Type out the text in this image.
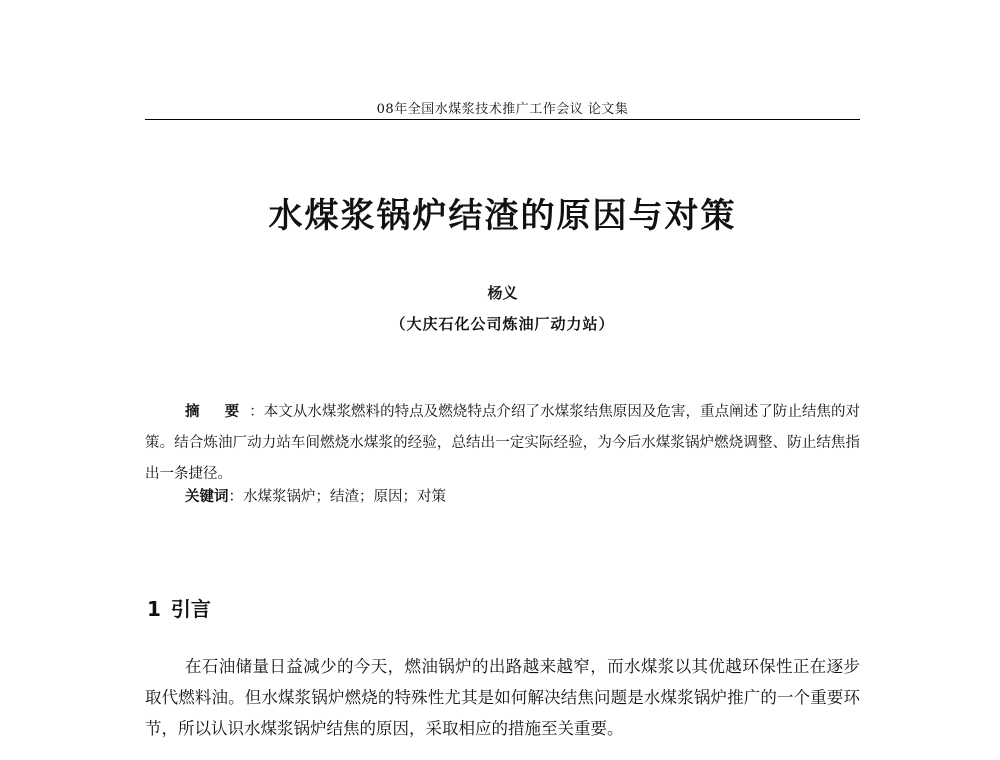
08年全国水煤浆技术推广工作会议 论文集
水煤浆锅炉结渣的原因与对策
杨义
（大庆石化公司炼油厂动力站）

摘 要：本文从水煤浆燃料的特点及燃烧特点介绍了水煤浆结焦原因及危害，重点阐述了防止结焦的对策。结合炼油厂动力站车间燃烧水煤浆的经验，总结出一定实际经验，为今后水煤浆锅炉燃烧调整、防止结焦指出一条捷径。

关键词：水煤浆锅炉；结渣；原因；对策

1 引言

在石油储量日益减少的今天，燃油锅炉的出路越来越窄，而水煤浆以其优越环保性正在逐步取代燃料油。但水煤浆锅炉燃烧的特殊性尤其是如何解决结焦问题是水煤浆锅炉推广的一个重要环节，所以认识水煤浆锅炉结焦的原因，采取相应的措施至关重要。
